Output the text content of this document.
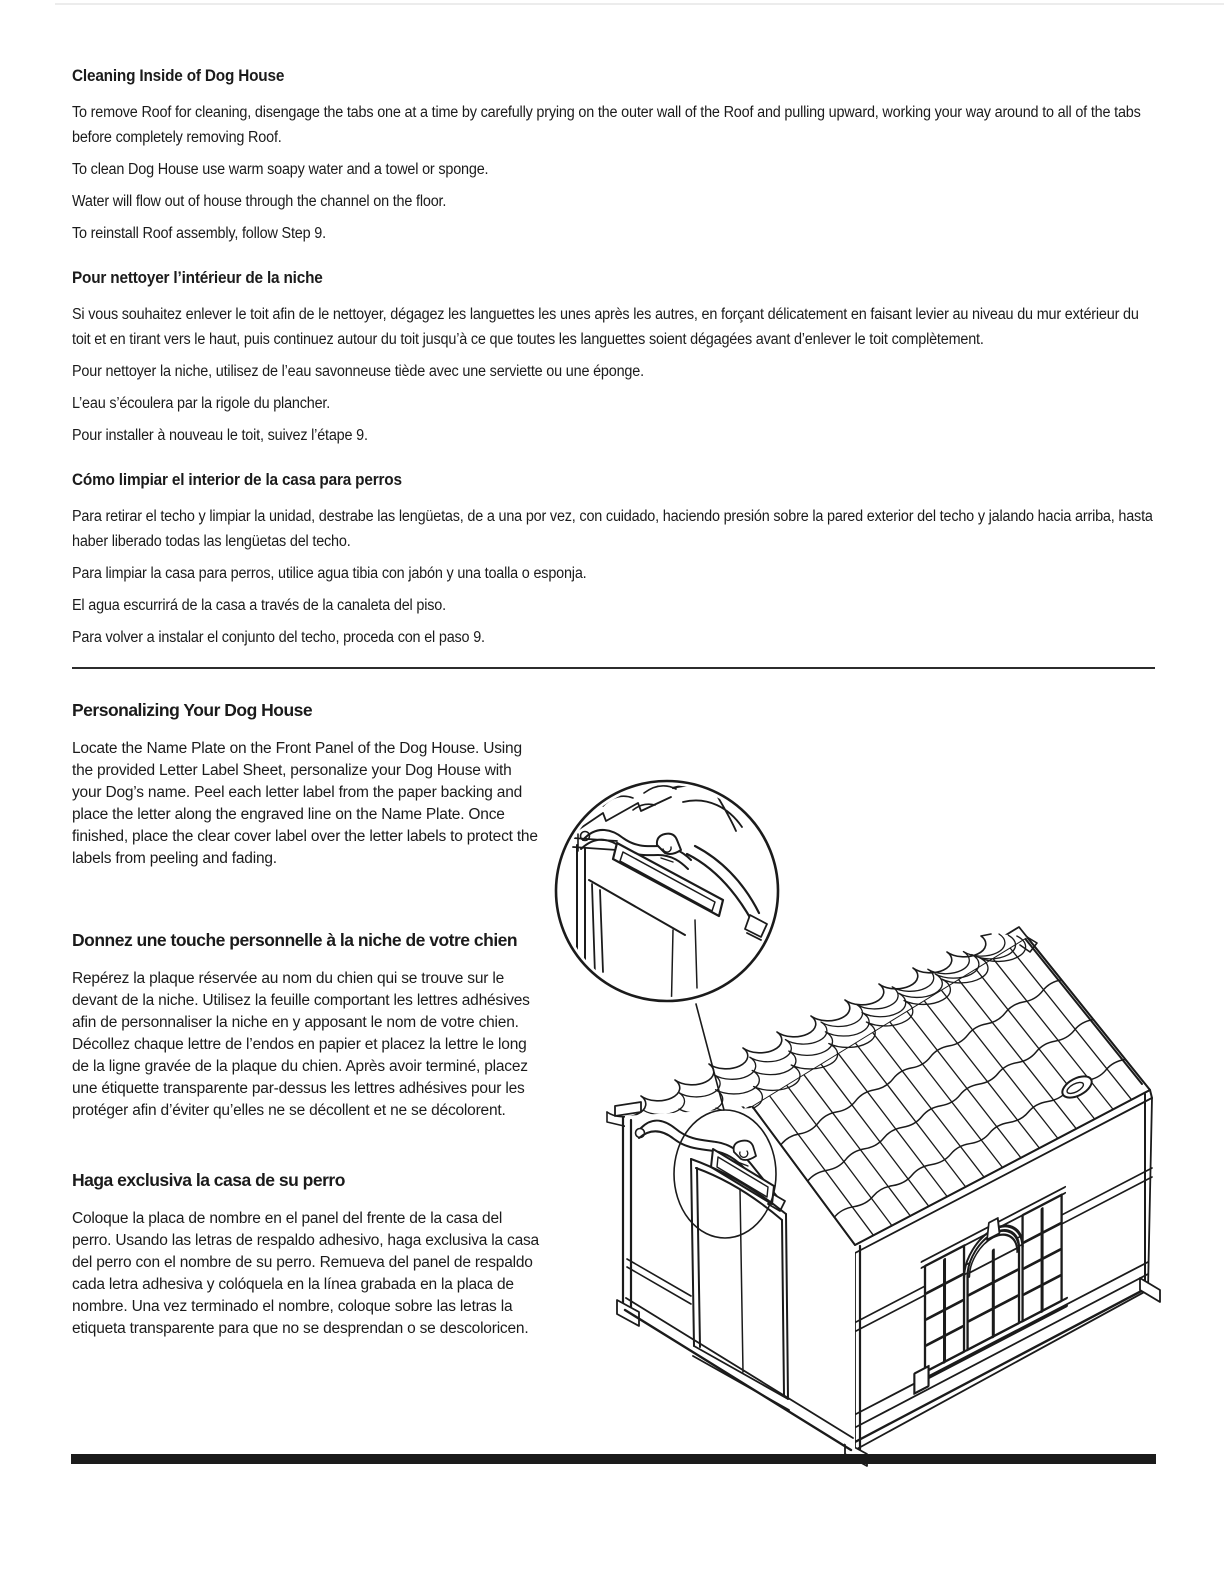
Cleaning Inside of Dog House

To remove Roof for cleaning, disengage the tabs one at a time by carefully prying on the outer wall of the Roof and pulling upward, working your way around to all of the tabs before completely removing Roof.

To clean Dog House use warm soapy water and a towel or sponge.

Water will flow out of house through the channel on the floor.

To reinstall Roof assembly, follow Step 9.

Pour nettoyer l’intérieur de la niche

Si vous souhaitez enlever le toit afin de le nettoyer, dégagez les languettes les unes après les autres, en forçant délicatement en faisant levier au niveau du mur extérieur du toit et en tirant vers le haut, puis continuez autour du toit jusqu’à ce que toutes les languettes soient dégagées avant d’enlever le toit complètement.

Pour nettoyer la niche, utilisez de l’eau savonneuse tiède avec une serviette ou une éponge.

L’eau s’écoulera par la rigole du plancher.

Pour installer à nouveau le toit, suivez l’étape 9.

Cómo limpiar el interior de la casa para perros

Para retirar el techo y limpiar la unidad, destrabe las lengüetas, de a una por vez, con cuidado, haciendo presión sobre la pared exterior del techo y jalando hacia arriba, hasta haber liberado todas las lengüetas del techo.

Para limpiar la casa para perros, utilice agua tibia con jabón y una toalla o esponja.

El agua escurrirá de la casa a través de la canaleta del piso.

Para volver a instalar el conjunto del techo, proceda con el paso 9.

Personalizing Your Dog House

Locate the Name Plate on the Front Panel of the Dog House. Using the provided Letter Label Sheet, personalize your Dog House with your Dog’s name. Peel each letter label from the paper backing and place the letter along the engraved line on the Name Plate. Once finished, place the clear cover label over the letter labels to protect the labels from peeling and fading.

Donnez une touche personnelle à la niche de votre chien

Repérez la plaque réservée au nom du chien qui se trouve sur le devant de la niche. Utilisez la feuille comportant les lettres adhésives afin de personnaliser la niche en y apposant le nom de votre chien. Décollez chaque lettre de l’endos en papier et placez la lettre le long de la ligne gravée de la plaque du chien. Après avoir terminé, placez une étiquette transparente par-dessus les lettres adhésives pour les protéger afin d’éviter qu’elles ne se décollent et ne se décolorent.

Haga exclusiva la casa de su perro

Coloque la placa de nombre en el panel del frente de la casa del perro. Usando las letras de respaldo adhesivo, haga exclusiva la casa del perro con el nombre de su perro. Remueva del panel de respaldo cada letra adhesiva y colóquela en la línea grabada en la placa de nombre. Una vez terminado el nombre, coloque sobre las letras la etiqueta transparente para que no se desprendan o se descoloricen.
